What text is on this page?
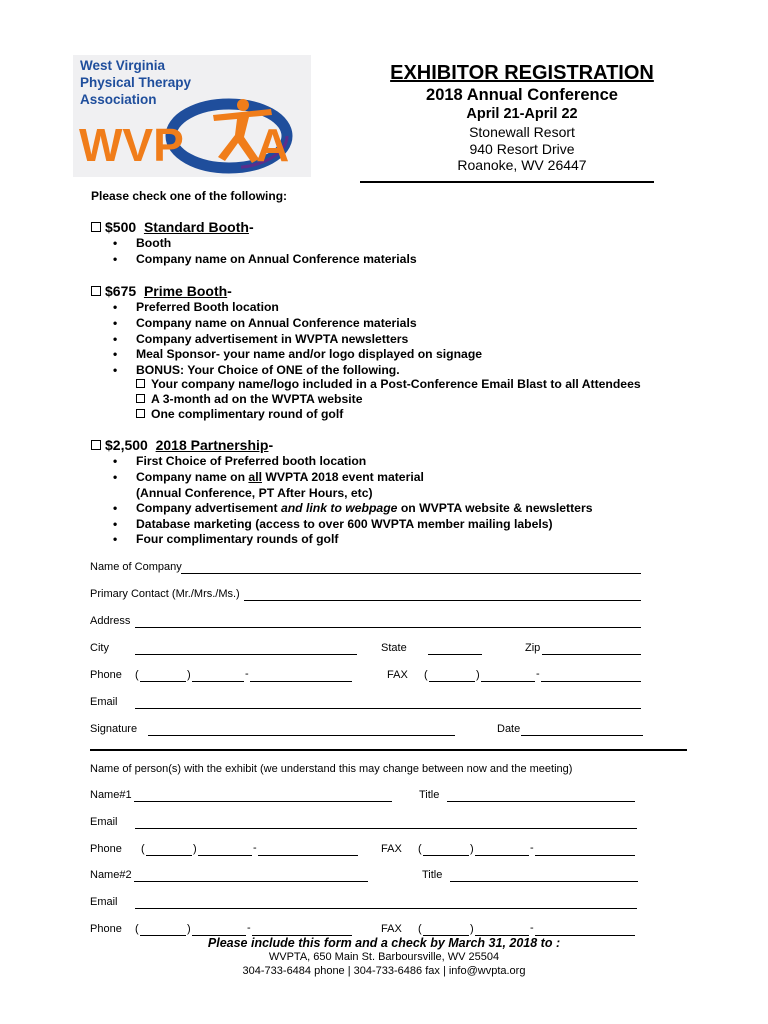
West Virginia
Physical Therapy
Association
WVP A
EXHIBITOR REGISTRATION
2018 Annual Conference
April 21-April 22
Stonewall Resort
940 Resort Drive
Roanoke, WV 26447
Please check one of the following:
$500 Standard Booth-
• Booth
• Company name on Annual Conference materials
$675 Prime Booth-
• Preferred Booth location
• Company name on Annual Conference materials
• Company advertisement in WVPTA newsletters
• Meal Sponsor- your name and/or logo displayed on signage
• BONUS: Your Choice of ONE of the following.
Your company name/logo included in a Post-Conference Email Blast to all Attendees
A 3-month ad on the WVPTA website
One complimentary round of golf
$2,500 2018 Partnership-
• First Choice of Preferred booth location
• Company name on all WVPTA 2018 event material
(Annual Conference, PT After Hours, etc)
• Company advertisement and link to webpage on WVPTA website & newsletters
• Database marketing (access to over 600 WVPTA member mailing labels)
• Four complimentary rounds of golf
Name of Company
Primary Contact (Mr./Mrs./Ms.)
Address
City	State	Zip
Phone (	)	-	FAX (	)	-
Email
Signature	Date
Name of person(s) with the exhibit (we understand this may change between now and the meeting)
Name#1	Title
Email
Phone (	)	-	FAX (	)	-
Name#2	Title
Email
Phone (	)	-	FAX (	)	-
Please include this form and a check by March 31, 2018 to :
WVPTA, 650 Main St. Barboursville, WV 25504
304-733-6484 phone | 304-733-6486 fax | info@wvpta.org
